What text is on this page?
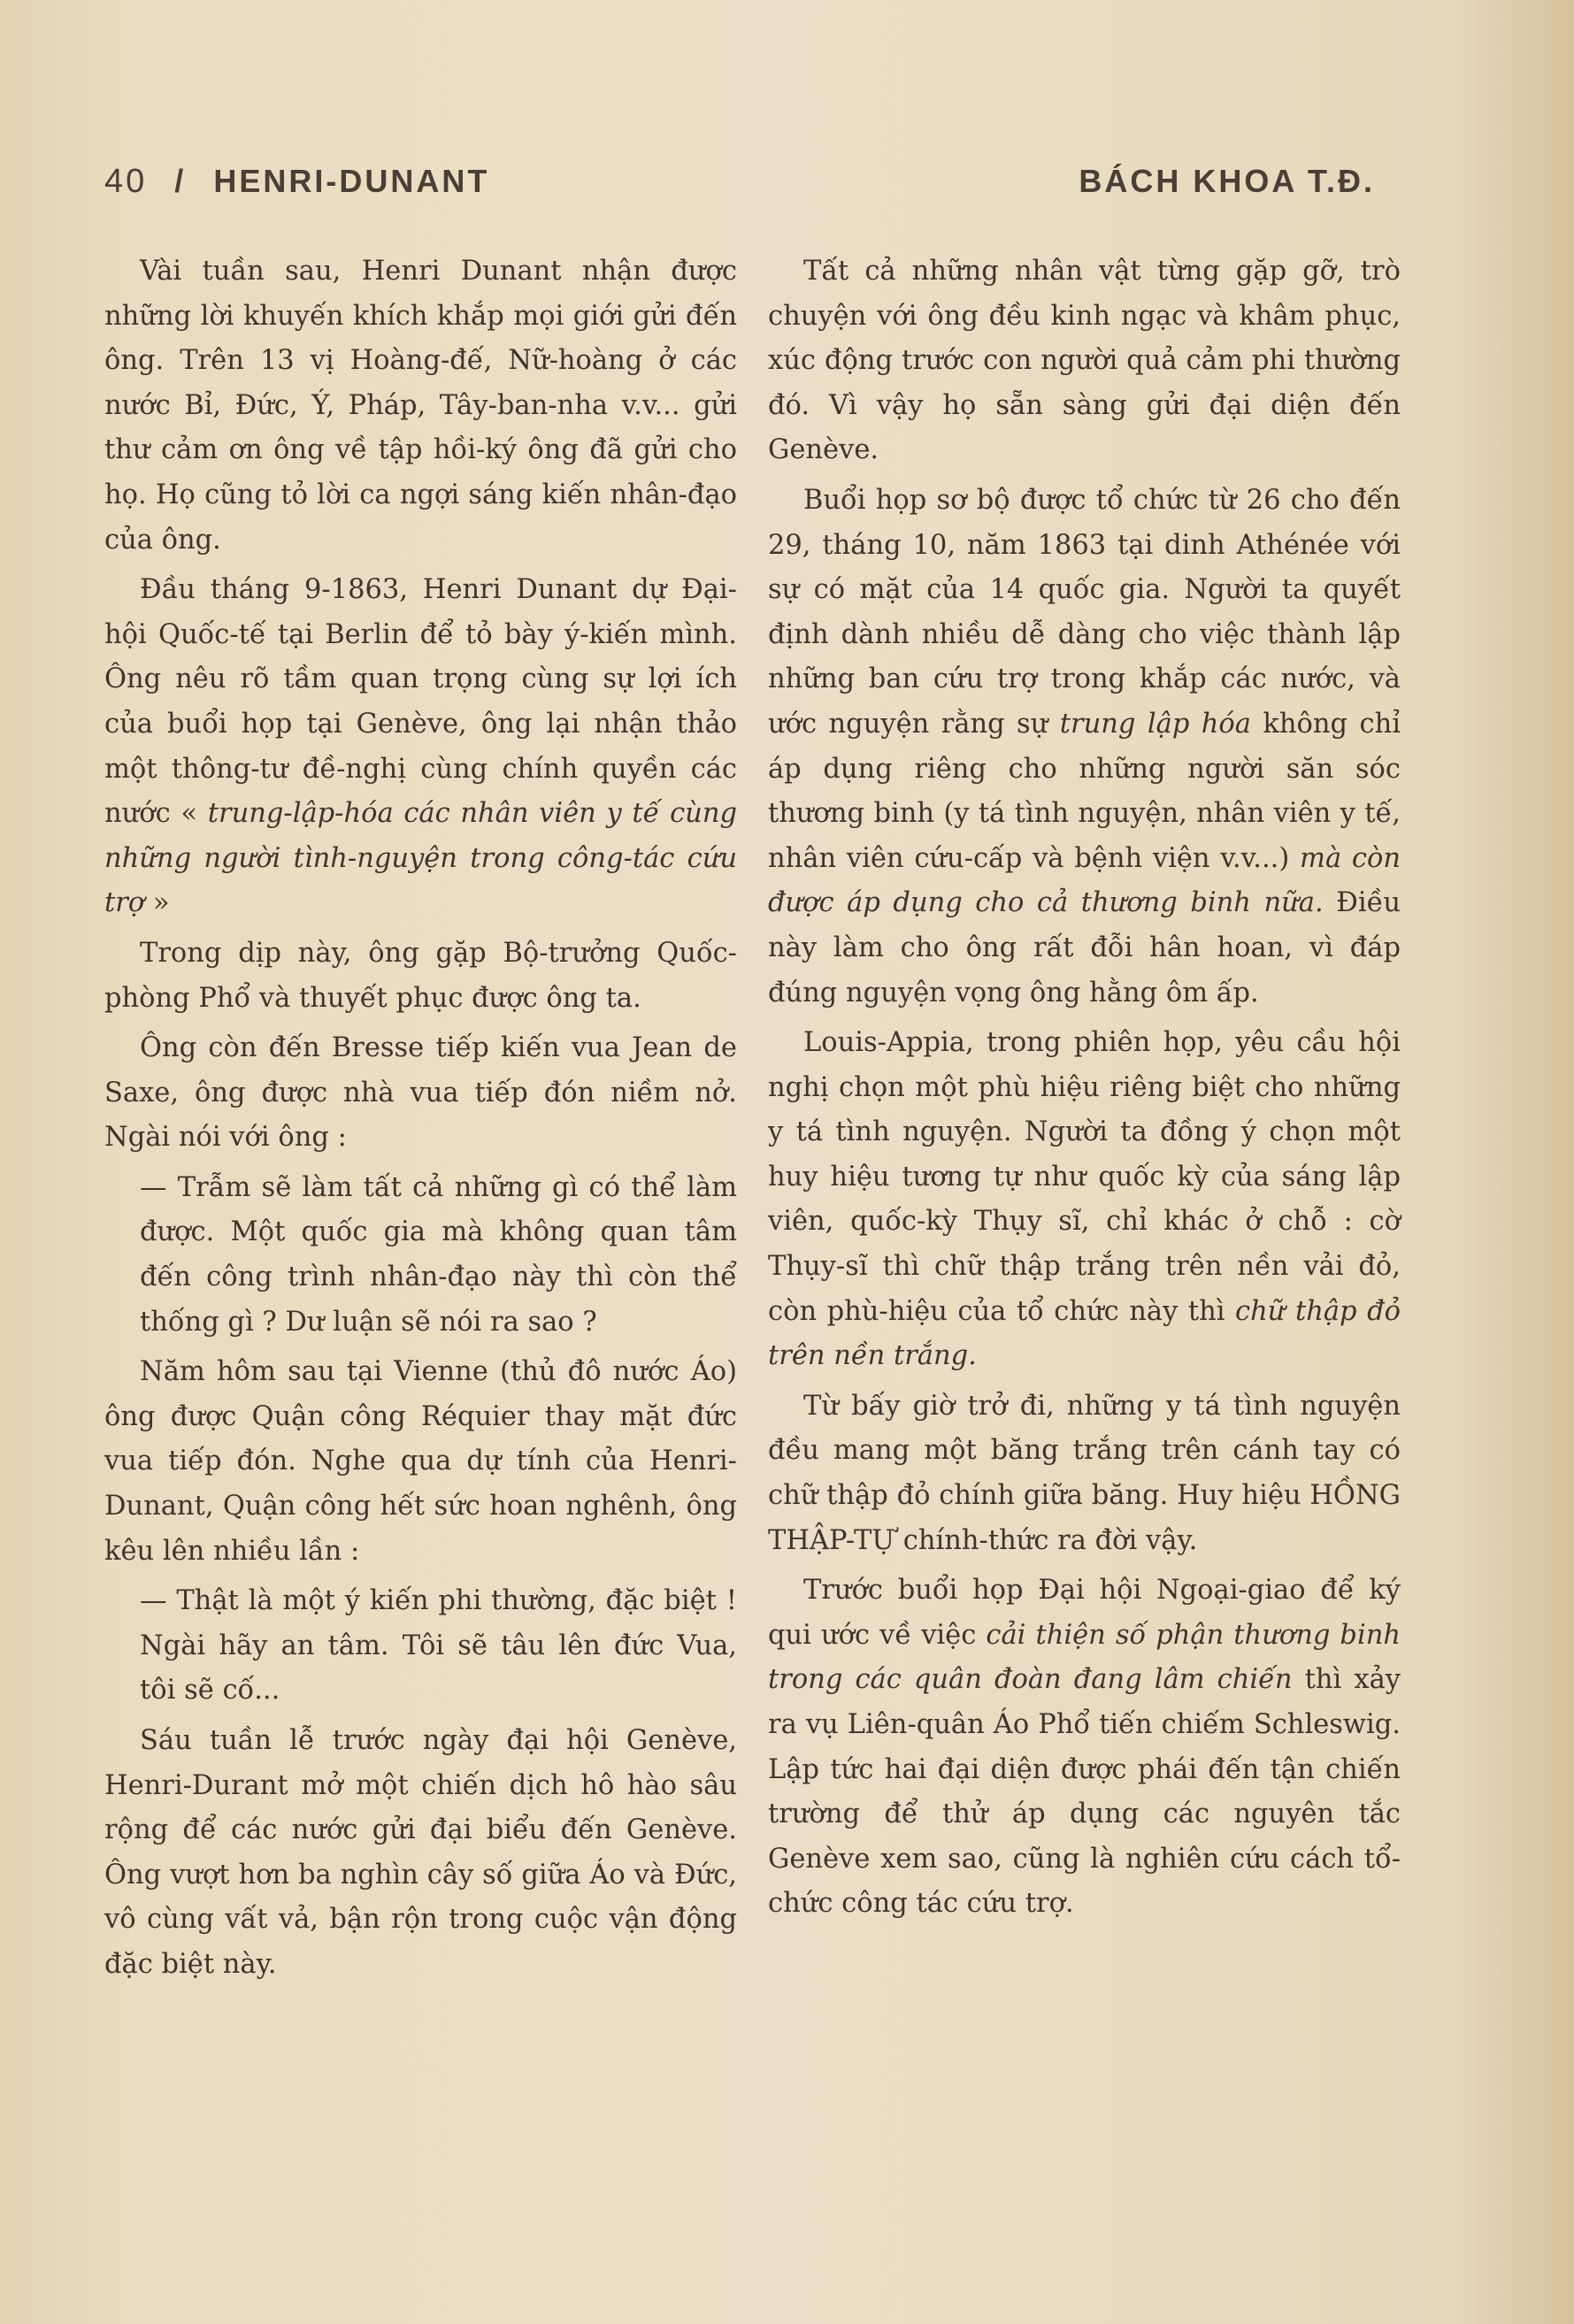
40 / HENRI-DUNANT	BÁCH KHOA T.Đ.

Vài tuần sau, Henri Dunant nhận được những lời khuyến khích khắp mọi giới gửi đến ông. Trên 13 vị Hoàng-đế, Nữ-hoàng ở các nước Bỉ, Đức, Ý, Pháp, Tây-ban-nha v.v... gửi thư cảm ơn ông về tập hồi-ký ông đã gửi cho họ. Họ cũng tỏ lời ca ngợi sáng kiến nhân-đạo của ông.

Đầu tháng 9-1863, Henri Dunant dự Đại-hội Quốc-tế tại Berlin để tỏ bày ý-kiến mình. Ông nêu rõ tầm quan trọng cùng sự lợi ích của buổi họp tại Genève, ông lại nhận thảo một thông-tư đề-nghị cùng chính quyền các nước « trung-lập-hóa các nhân viên y tế cùng những người tình-nguyện trong công-tác cứu trợ »

Trong dịp này, ông gặp Bộ-trưởng Quốc-phòng Phổ và thuyết phục được ông ta.

Ông còn đến Bresse tiếp kiến vua Jean de Saxe, ông được nhà vua tiếp đón niềm nở. Ngài nói với ông :

— Trẫm sẽ làm tất cả những gì có thể làm được. Một quốc gia mà không quan tâm đến công trình nhân-đạo này thì còn thể thống gì ? Dư luận sẽ nói ra sao ?

Năm hôm sau tại Vienne (thủ đô nước Áo) ông được Quận công Réquier thay mặt đức vua tiếp đón. Nghe qua dự tính của Henri-Dunant, Quận công hết sức hoan nghênh, ông kêu lên nhiều lần :

— Thật là một ý kiến phi thường, đặc biệt ! Ngài hãy an tâm. Tôi sẽ tâu lên đức Vua, tôi sẽ cố...

Sáu tuần lễ trước ngày đại hội Genève, Henri-Durant mở một chiến dịch hô hào sâu rộng để các nước gửi đại biểu đến Genève. Ông vượt hơn ba nghìn cây số giữa Áo và Đức, vô cùng vất vả, bận rộn trong cuộc vận động đặc biệt này.

Tất cả những nhân vật từng gặp gỡ, trò chuyện với ông đều kinh ngạc và khâm phục, xúc động trước con người quả cảm phi thường đó. Vì vậy họ sẵn sàng gửi đại diện đến Genève.

Buổi họp sơ bộ được tổ chức từ 26 cho đến 29, tháng 10, năm 1863 tại dinh Athénée với sự có mặt của 14 quốc gia. Người ta quyết định dành nhiều dễ dàng cho việc thành lập những ban cứu trợ trong khắp các nước, và ước nguyện rằng sự trung lập hóa không chỉ áp dụng riêng cho những người săn sóc thương binh (y tá tình nguyện, nhân viên y tế, nhân viên cứu-cấp và bệnh viện v.v...) mà còn được áp dụng cho cả thương binh nữa. Điều này làm cho ông rất đỗi hân hoan, vì đáp đúng nguyện vọng ông hằng ôm ấp.

Louis-Appia, trong phiên họp, yêu cầu hội nghị chọn một phù hiệu riêng biệt cho những y tá tình nguyện. Người ta đồng ý chọn một huy hiệu tương tự như quốc kỳ của sáng lập viên, quốc-kỳ Thụy sĩ, chỉ khác ở chỗ : cờ Thụy-sĩ thì chữ thập trắng trên nền vải đỏ, còn phù-hiệu của tổ chức này thì chữ thập đỏ trên nền trắng.

Từ bấy giờ trở đi, những y tá tình nguyện đều mang một băng trắng trên cánh tay có chữ thập đỏ chính giữa băng. Huy hiệu HỒNG THẬP-TỰ chính-thức ra đời vậy.

Trước buổi họp Đại hội Ngoại-giao để ký qui ước về việc cải thiện số phận thương binh trong các quân đoàn đang lâm chiến thì xảy ra vụ Liên-quân Áo Phổ tiến chiếm Schleswig. Lập tức hai đại diện được phái đến tận chiến trường để thử áp dụng các nguyên tắc Genève xem sao, cũng là nghiên cứu cách tổ-chức công tác cứu trợ.
